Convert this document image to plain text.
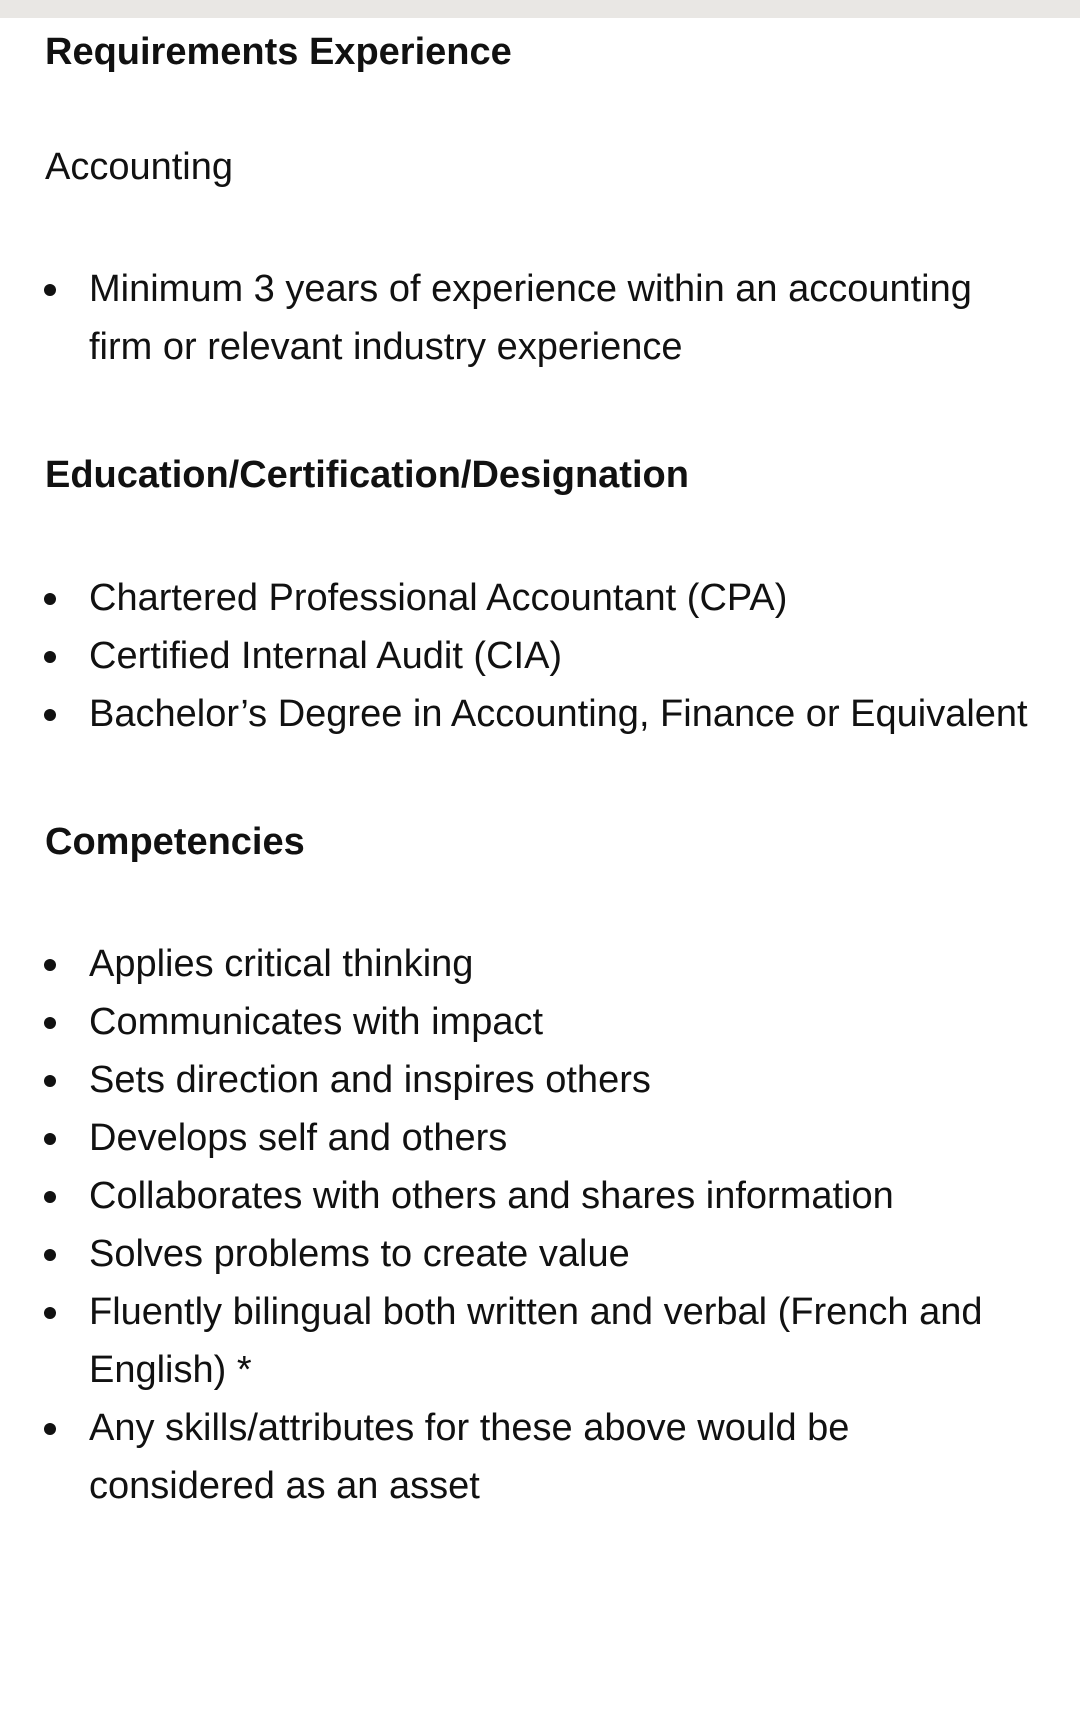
Requirements Experience

Accounting

Minimum 3 years of experience within an accounting firm or relevant industry experience
Education/Certification/Designation
Chartered Professional Accountant (CPA)
Certified Internal Audit (CIA)
Bachelor’s Degree in Accounting, Finance or Equivalent
Competencies
Applies critical thinking
Communicates with impact
Sets direction and inspires others
Develops self and others
Collaborates with others and shares information
Solves problems to create value
Fluently bilingual both written and verbal (French and English) *
Any skills/attributes for these above would be considered as an asset
